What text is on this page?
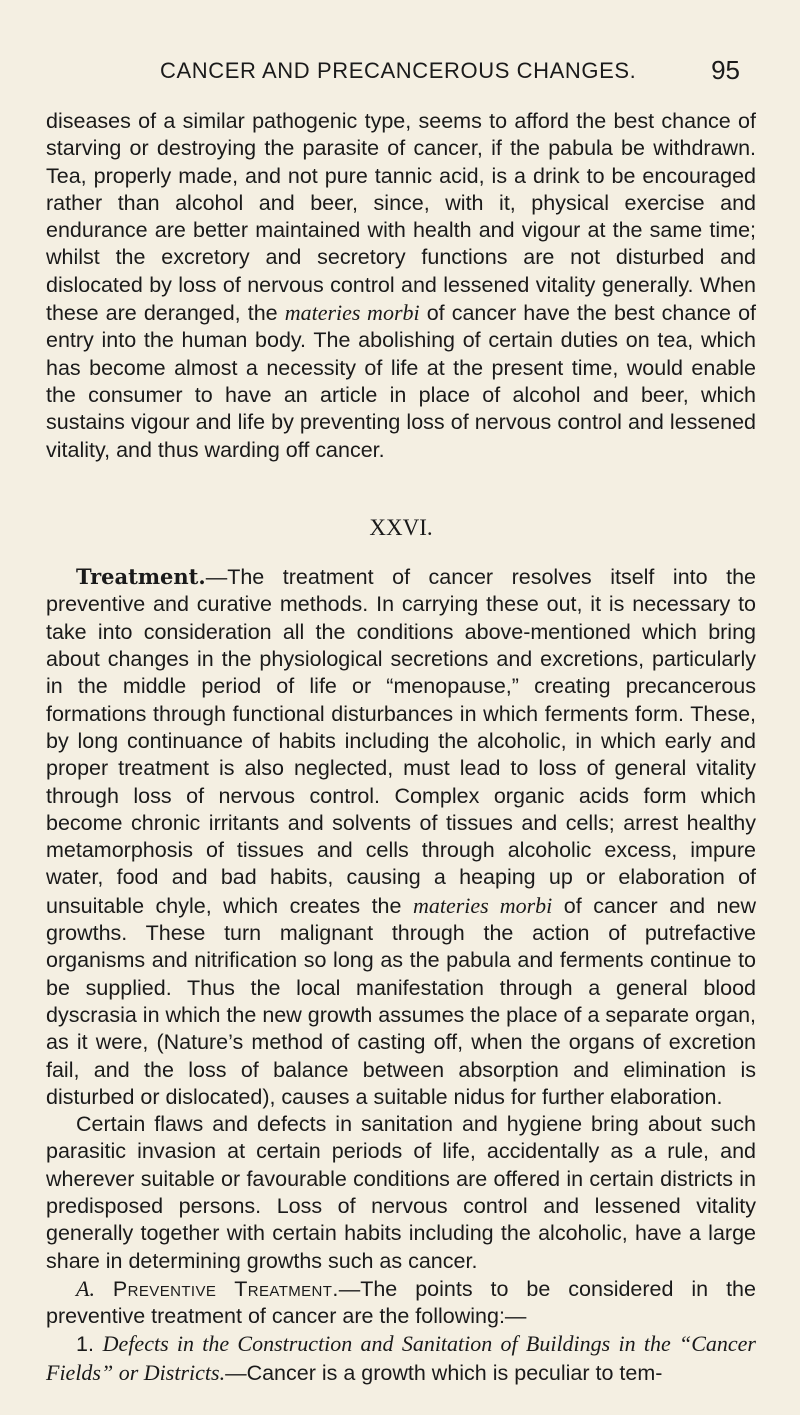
CANCER AND PRECANCEROUS CHANGES.	95

diseases of a similar pathogenic type, seems to afford the best chance of starving or destroying the parasite of cancer, if the pabula be withdrawn. Tea, properly made, and not pure tannic acid, is a drink to be encouraged rather than alcohol and beer, since, with it, physical exercise and endurance are better maintained with health and vigour at the same time; whilst the excretory and secretory functions are not disturbed and dislocated by loss of nervous control and lessened vitality generally. When these are deranged, the materies morbi of cancer have the best chance of entry into the human body. The abolishing of certain duties on tea, which has become almost a necessity of life at the present time, would enable the consumer to have an article in place of alcohol and beer, which sustains vigour and life by preventing loss of nervous control and lessened vitality, and thus warding off cancer.

XXVI.

Treatment.—The treatment of cancer resolves itself into the preventive and curative methods. In carrying these out, it is necessary to take into consideration all the conditions above-mentioned which bring about changes in the physiological secretions and excretions, particularly in the middle period of life or “menopause,” creating precancerous formations through functional disturbances in which ferments form. These, by long continuance of habits including the alcoholic, in which early and proper treatment is also neglected, must lead to loss of general vitality through loss of nervous control. Complex organic acids form which become chronic irritants and solvents of tissues and cells; arrest healthy metamorphosis of tissues and cells through alcoholic excess, impure water, food and bad habits, causing a heaping up or elaboration of unsuitable chyle, which creates the materies morbi of cancer and new growths. These turn malignant through the action of putrefactive organisms and nitrification so long as the pabula and ferments continue to be supplied. Thus the local manifestation through a general blood dyscrasia in which the new growth assumes the place of a separate organ, as it were, (Nature’s method of casting off, when the organs of excretion fail, and the loss of balance between absorption and elimination is disturbed or dislocated), causes a suitable nidus for further elaboration.

Certain flaws and defects in sanitation and hygiene bring about such parasitic invasion at certain periods of life, accidentally as a rule, and wherever suitable or favourable conditions are offered in certain districts in predisposed persons. Loss of nervous control and lessened vitality generally together with certain habits including the alcoholic, have a large share in determining growths such as cancer.

A. Preventive Treatment.—The points to be considered in the preventive treatment of cancer are the following:—

1. Defects in the Construction and Sanitation of Buildings in the “Cancer Fields” or Districts.—Cancer is a growth which is peculiar to tem-
